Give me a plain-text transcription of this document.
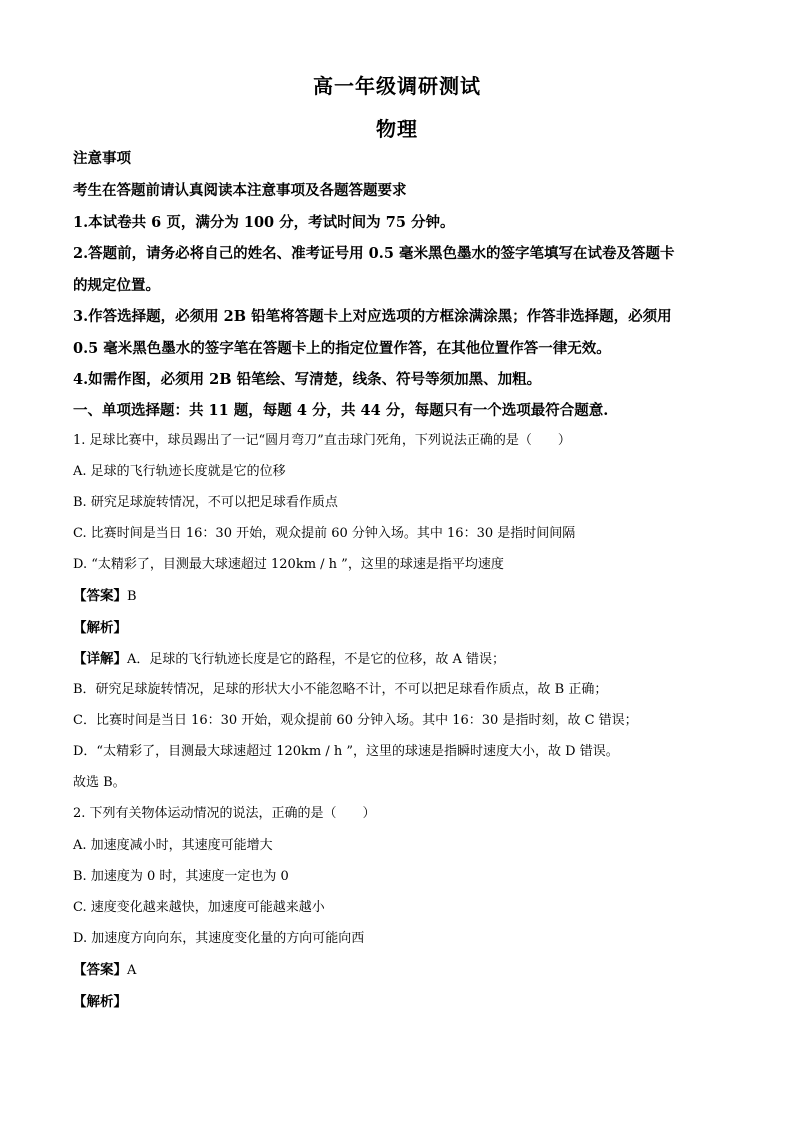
高一年级调研测试
物理
注意事项
考生在答题前请认真阅读本注意事项及各题答题要求
1.本试卷共 6 页，满分为 100 分，考试时间为 75 分钟。
2.答题前，请务必将自己的姓名、准考证号用 0.5 毫米黑色墨水的签字笔填写在试卷及答题卡
的规定位置。
3.作答选择题，必须用 2B 铅笔将答题卡上对应选项的方框涂满涂黑；作答非选择题，必须用
0.5 毫米黑色墨水的签字笔在答题卡上的指定位置作答，在其他位置作答一律无效。
4.如需作图，必须用 2B 铅笔绘、写清楚，线条、符号等须加黑、加粗。
一、单项选择题：共 11 题，每题 4 分，共 44 分，每题只有一个选项最符合题意.
1. 足球比赛中，球员踢出了一记“圆月弯刀”直击球门死角，下列说法正确的是（　　）
A. 足球的飞行轨迹长度就是它的位移
B. 研究足球旋转情况，不可以把足球看作质点
C. 比赛时间是当日 16：30 开始，观众提前 60 分钟入场。其中 16：30 是指时间间隔
D. “太精彩了，目测最大球速超过 120km / h ”，这里的球速是指平均速度
【答案】B
【解析】
【详解】A．足球的飞行轨迹长度是它的路程，不是它的位移，故 A 错误；
B．研究足球旋转情况，足球的形状大小不能忽略不计，不可以把足球看作质点，故 B 正确；
C．比赛时间是当日 16：30 开始，观众提前 60 分钟入场。其中 16：30 是指时刻，故 C 错误；
D．“太精彩了，目测最大球速超过 120km / h ”，这里的球速是指瞬时速度大小，故 D 错误。
故选 B。
2. 下列有关物体运动情况的说法，正确的是（　　）
A. 加速度减小时，其速度可能增大
B. 加速度为 0 时，其速度一定也为 0
C. 速度变化越来越快，加速度可能越来越小
D. 加速度方向向东，其速度变化量的方向可能向西
【答案】A
【解析】
